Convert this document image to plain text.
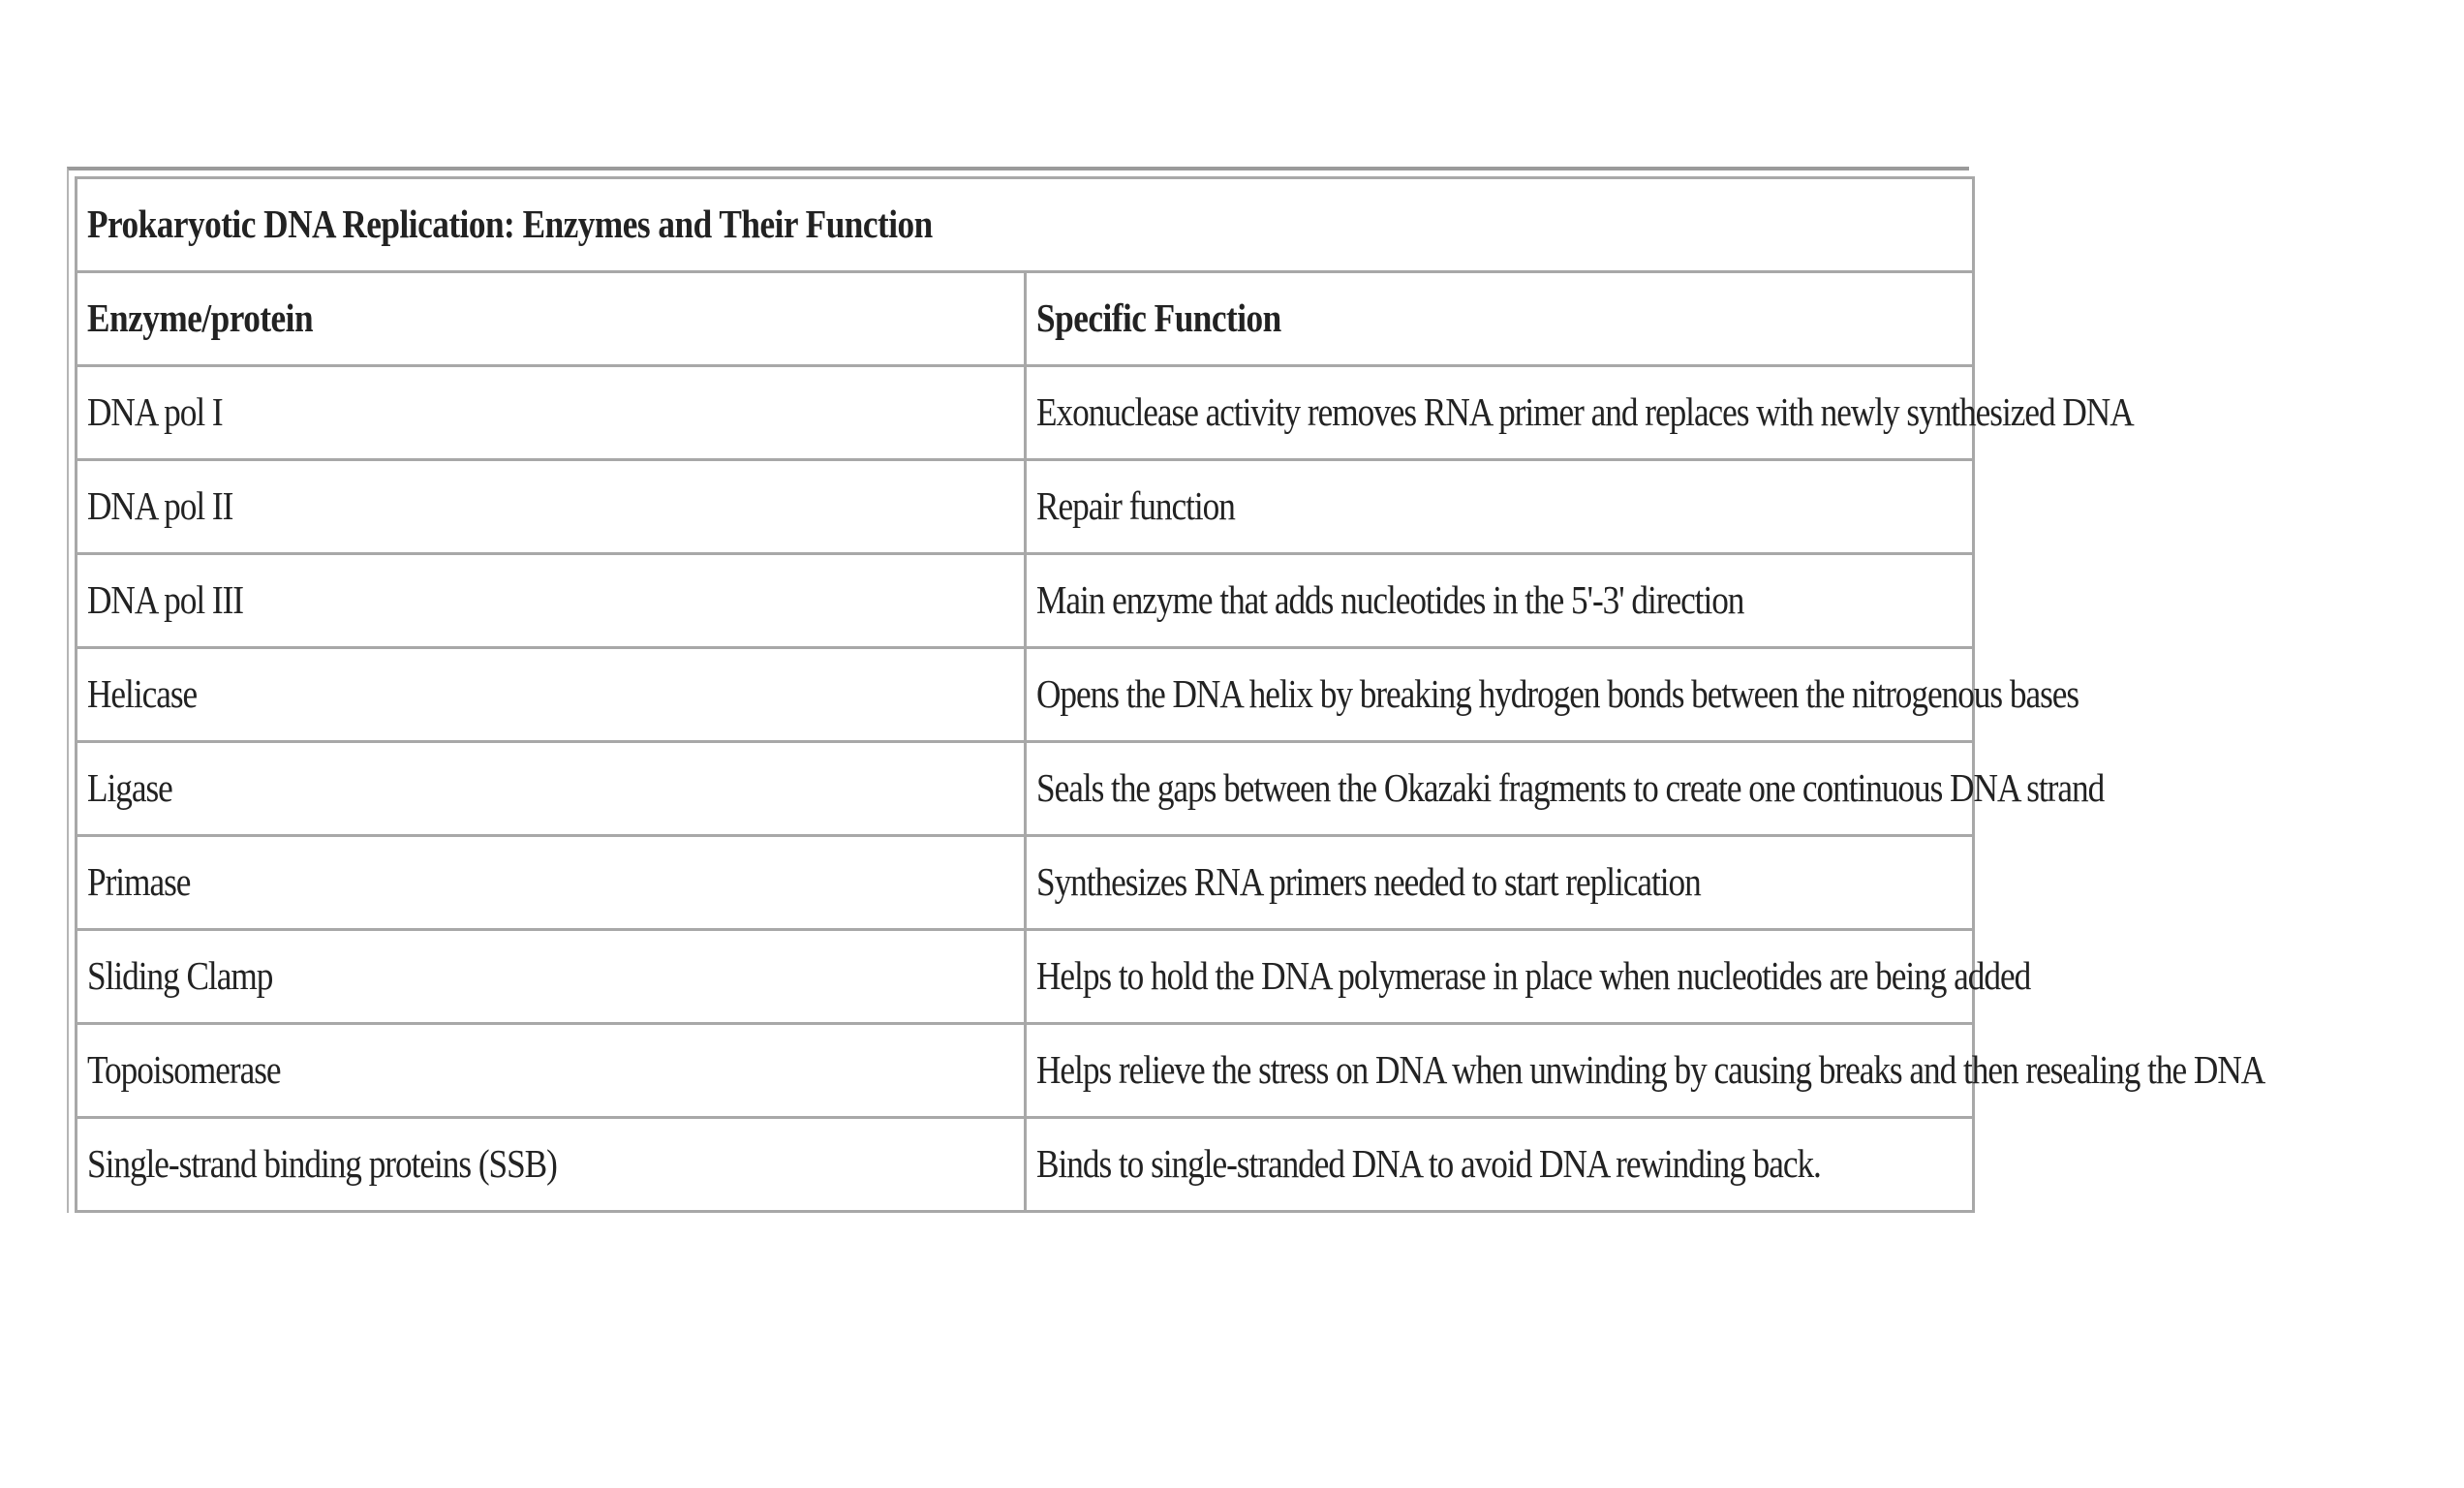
Prokaryotic DNA Replication: Enzymes and Their Function	
Enzyme/protein	Specific Function
DNA pol I	Exonuclease activity removes RNA primer and replaces with newly synthesized DNA
DNA pol II	Repair function
DNA pol III	Main enzyme that adds nucleotides in the 5'-3' direction
Helicase	Opens the DNA helix by breaking hydrogen bonds between the nitrogenous bases
Ligase	Seals the gaps between the Okazaki fragments to create one continuous DNA strand
Primase	Synthesizes RNA primers needed to start replication
Sliding Clamp	Helps to hold the DNA polymerase in place when nucleotides are being added
Topoisomerase	Helps relieve the stress on DNA when unwinding by causing breaks and then resealing the DNA
Single-strand binding proteins (SSB)	Binds to single-stranded DNA to avoid DNA rewinding back.
